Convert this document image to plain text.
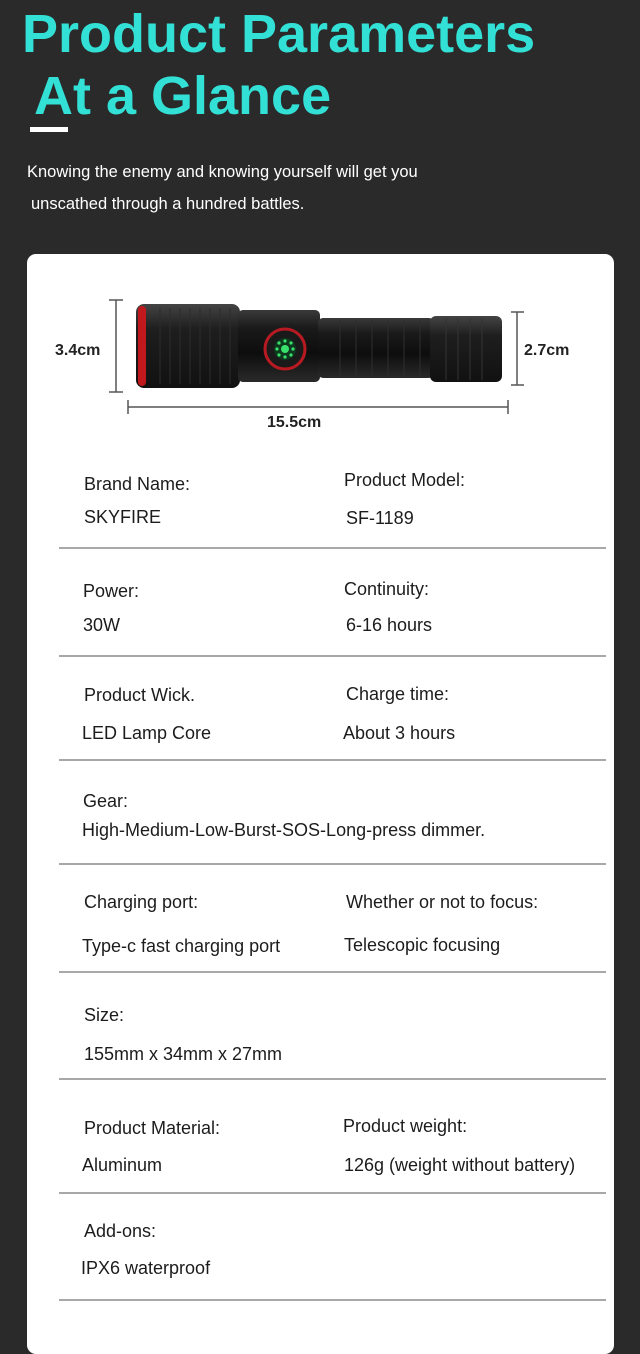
Product Parameters
At a Glance
Knowing the enemy and knowing yourself will get you
unscathed through a hundred battles.
3.4cm	2.7cm
15.5cm
Brand Name:
SKYFIRE
Product Model:
SF-1189
Power:
30W
Continuity:
6-16 hours
Product Wick.
LED Lamp Core
Charge time:
About 3 hours
Gear:
High-Medium-Low-Burst-SOS-Long-press dimmer.
Charging port:
Type-c fast charging port
Whether or not to focus:
Telescopic focusing
Size:
155mm x 34mm x 27mm
Product Material:
Aluminum
Product weight:
126g (weight without battery)
Add-ons:
IPX6 waterproof
